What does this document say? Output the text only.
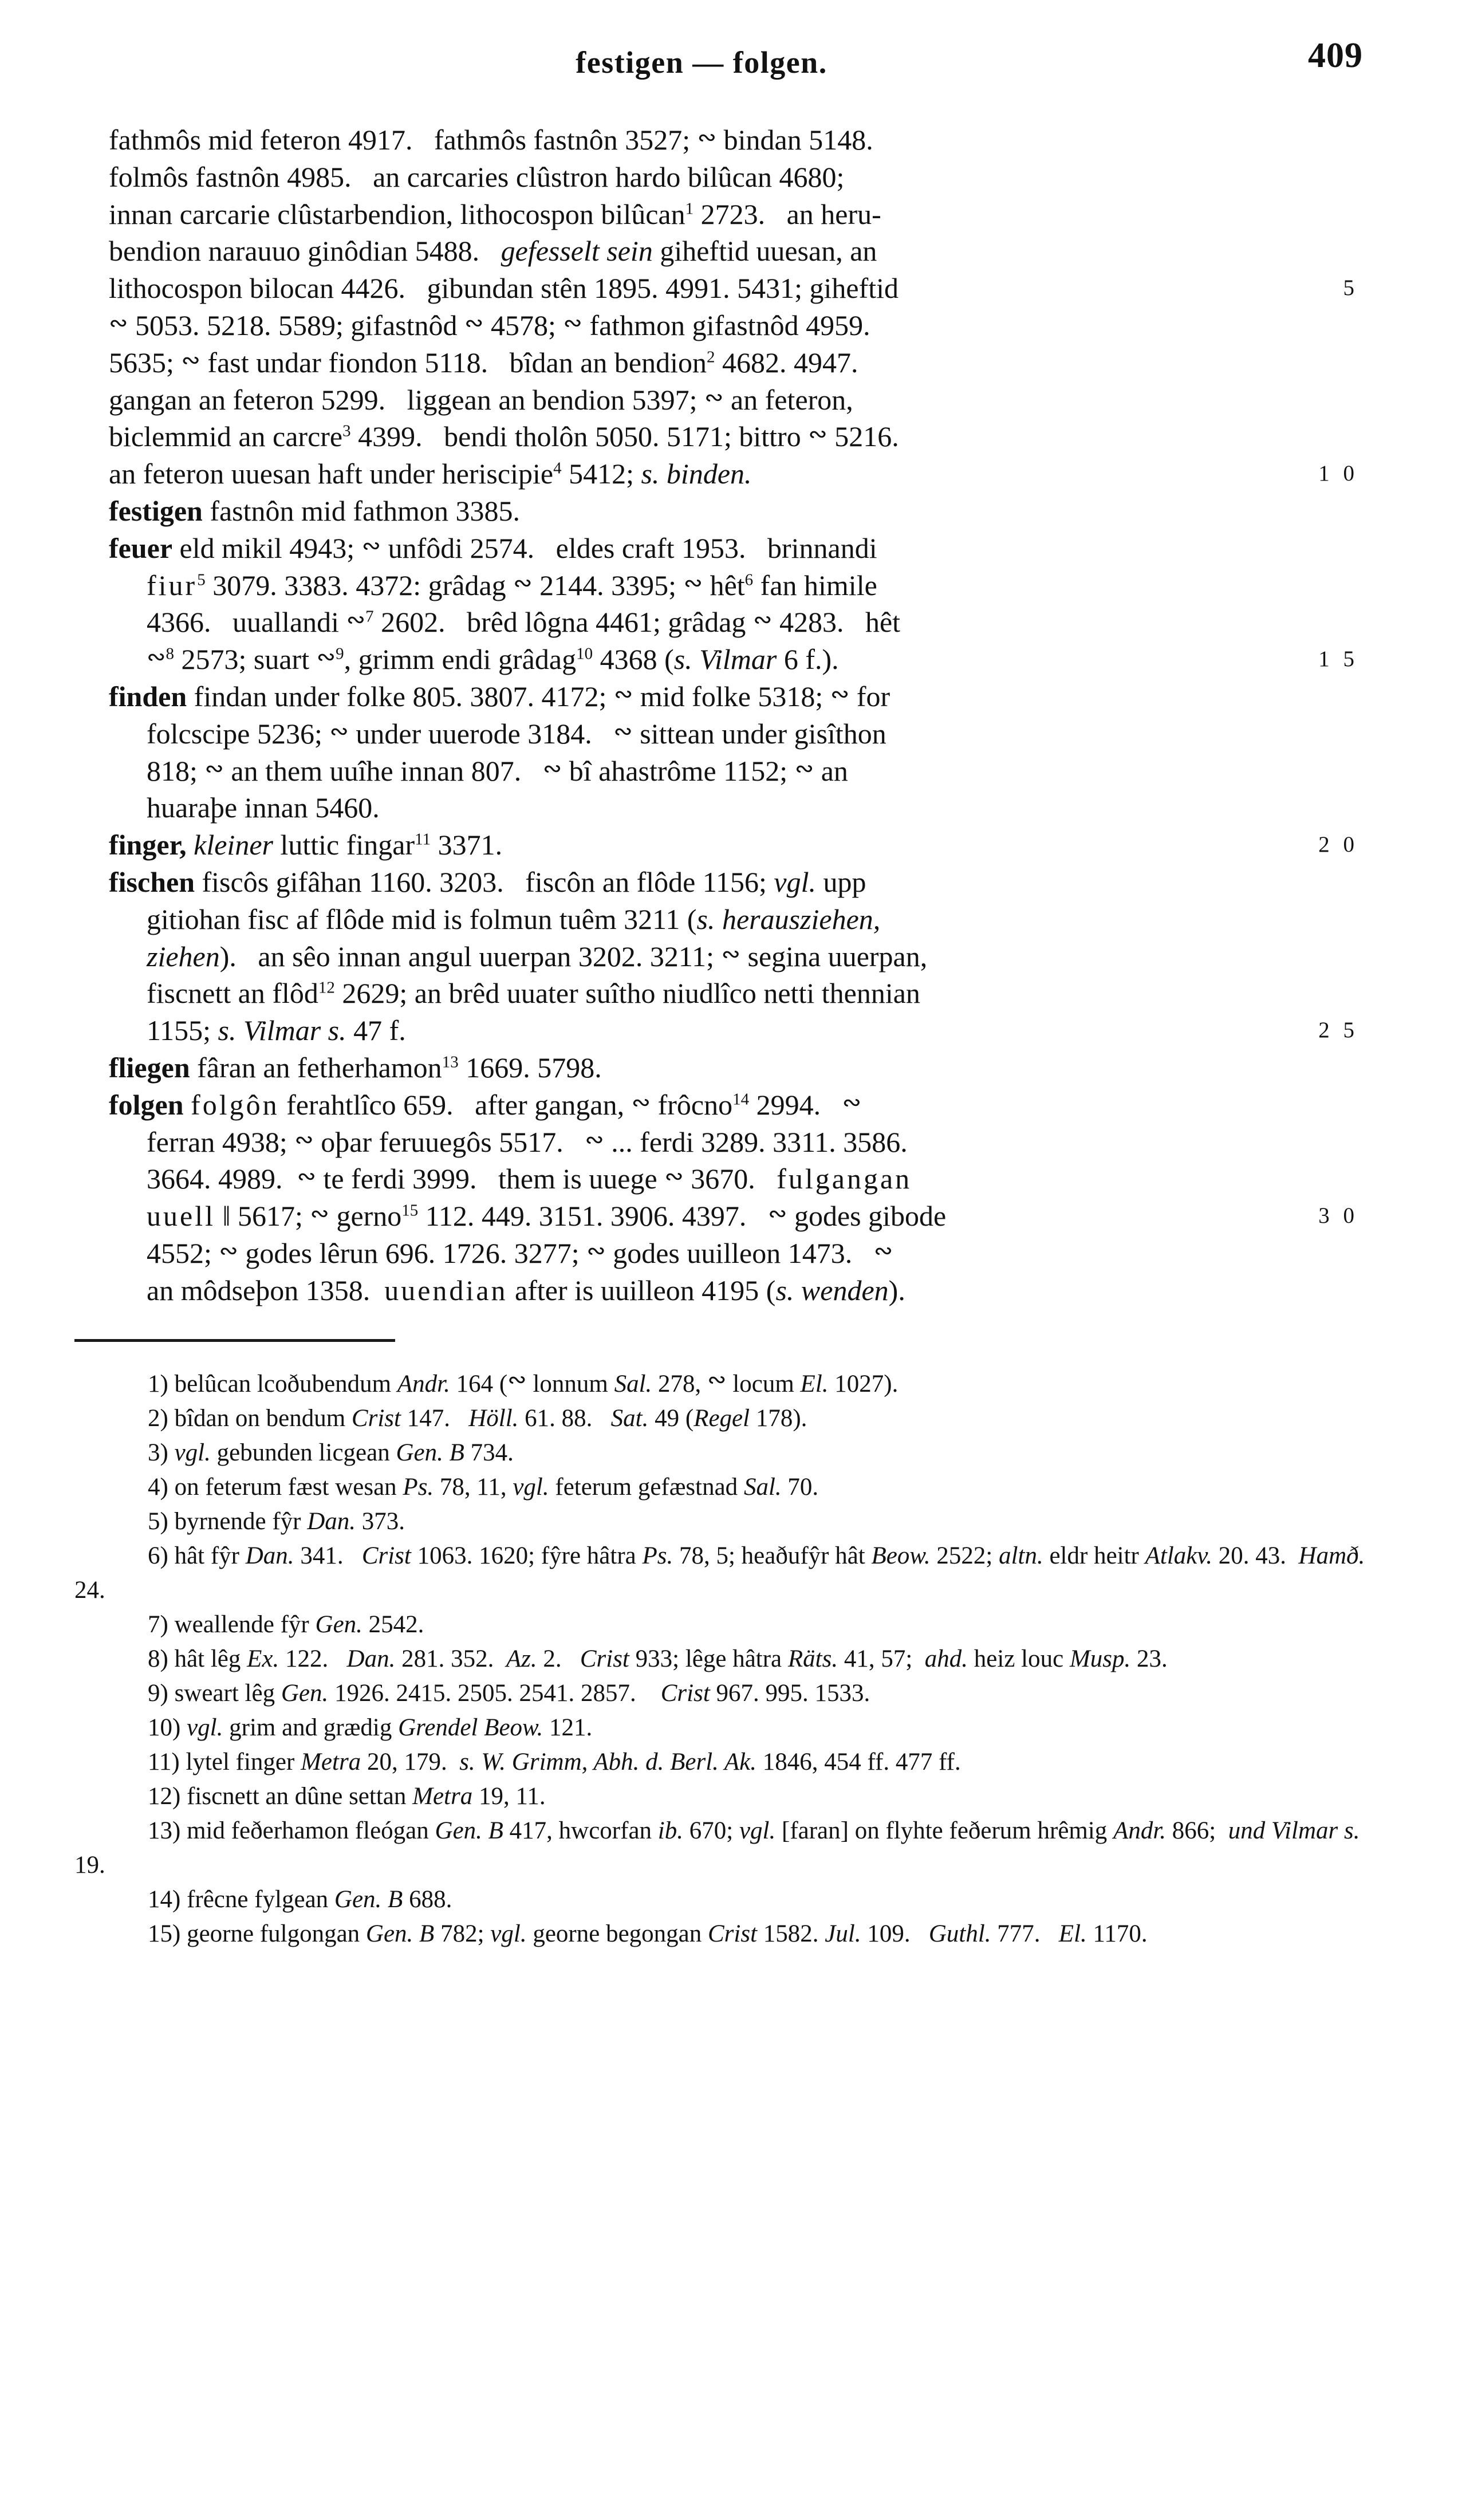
festigen — folgen.	409
fathmôs mid feteron 4917.   fathmôs fastnôn 3527; ∾ bindan 5148.
folmôs fastnôn 4985.   an carcaries clûstron hardo bilûcan 4680;
innan carcarie clûstarbendion, lithocospon bilûcan$^1$ 2723.   an heru-
bendion narauuo ginôdian 5488.   gefesselt sein giheftid uuesan, an
lithocospon bilocan 4426.   gibundan stên 1895. 4991. 5431; giheftid	5
∾ 5053. 5218. 5589; gifastnôd ∾ 4578; ∾ fathmon gifastnôd 4959.
5635; ∾ fast undar fiondon 5118.   bîdan an bendion$^2$ 4682. 4947.
gangan an feteron 5299.   liggean an bendion 5397; ∾ an feteron,
biclemmid an carcre$^3$ 4399.   bendi tholôn 5050. 5171; bittro ∾ 5216.
an feteron uuesan haft under heriscipie$^4$ 5412; s. binden.	1 0
festigen fastnôn mid fathmon 3385.
feuer eld mikil 4943; ∾ unfôdi 2574.   eldes craft 1953.   brinnandi
fiur$^5$ 3079. 3383. 4372: grâdag ∾ 2144. 3395; ∾ hêt$^6$ fan himile
4366.   uuallandi ∾$^7$ 2602.   brêd lôgna 4461; grâdag ∾ 4283.   hêt
∾$^8$ 2573; suart ∾$^9$, grimm endi grâdag$^{10}$ 4368 (s. Vilmar 6 f.).	1 5
finden findan under folke 805. 3807. 4172; ∾ mid folke 5318; ∾ for
folcscipe 5236; ∾ under uuerode 3184.   ∾ sittean under gisîthon
818; ∾ an them uuîhe innan 807.   ∾ bî ahastrôme 1152; ∾ an
huaraþe innan 5460.
finger, kleiner luttic fingar$^{11}$ 3371.	2 0
fischen fiscôs gifâhan 1160. 3203.   fiscôn an flôde 1156; vgl. upp
gitiohan fisc af flôde mid is folmun tuêm 3211 (s. herausziehen,
ziehen).   an sêo innan angul uuerpan 3202. 3211; ∾ segina uuerpan,
fiscnett an flôd$^{12}$ 2629; an brêd uuater suîtho niudlîco netti thennian
1155; s. Vilmar s. 47 f.	2 5
fliegen fâran an fetherhamon$^{13}$ 1669. 5798.
folgen folgôn ferahtlîco 659.   after gangan, ∾ frôcno$^{14}$ 2994.   ∾
ferran 4938; ∾ oþar feruuegôs 5517.   ∾ ... ferdi 3289. 3311. 3586.
3664. 4989.  ∾ te ferdi 3999.   them is uuege ∾ 3670.   fulgangan
uuell ‖ 5617; ∾ gerno$^{15}$ 112. 449. 3151. 3906. 4397.   ∾ godes gibode	3 0
4552; ∾ godes lêrun 696. 1726. 3277; ∾ godes uuilleon 1473.   ∾
an môdseþon 1358.  uuendian after is uuilleon 4195 (s. wenden).
1) belûcan lcoðubendum Andr. 164 (∾ lonnum Sal. 278, ∾ locum El. 1027).
2) bîdan on bendum Crist 147.   Höll. 61. 88.   Sat. 49 (Regel 178).
3) vgl. gebunden licgean Gen. B 734.
4) on feterum fæst wesan Ps. 78, 11, vgl. feterum gefæstnad Sal. 70.
5) byrnende fŷr Dan. 373.
6) hât fŷr Dan. 341.   Crist 1063. 1620; fŷre hâtra Ps. 78, 5; heaðufŷr hât Beow. 2522; altn. eldr heitr Atlakv. 20. 43.  Hamð. 24.
7) weallende fŷr Gen. 2542.
8) hât lêg Ex. 122.   Dan. 281. 352.  Az. 2.   Crist 933; lêge hâtra Räts. 41, 57;  ahd. heiz louc Musp. 23.
9) sweart lêg Gen. 1926. 2415. 2505. 2541. 2857.    Crist 967. 995. 1533.
10) vgl. grim and grædig Grendel Beow. 121.
11) lytel finger Metra 20, 179.  s. W. Grimm, Abh. d. Berl. Ak. 1846, 454 ff. 477 ff.
12) fiscnett an dûne settan Metra 19, 11.
13) mid feðerhamon fleógan Gen. B 417, hwcorfan ib. 670; vgl. [faran] on flyhte feðerum hrêmig Andr. 866;  und Vilmar s. 19.
14) frêcne fylgean Gen. B 688.
15) georne fulgongan Gen. B 782; vgl. georne begongan Crist 1582. Jul. 109.   Guthl. 777.   El. 1170.
